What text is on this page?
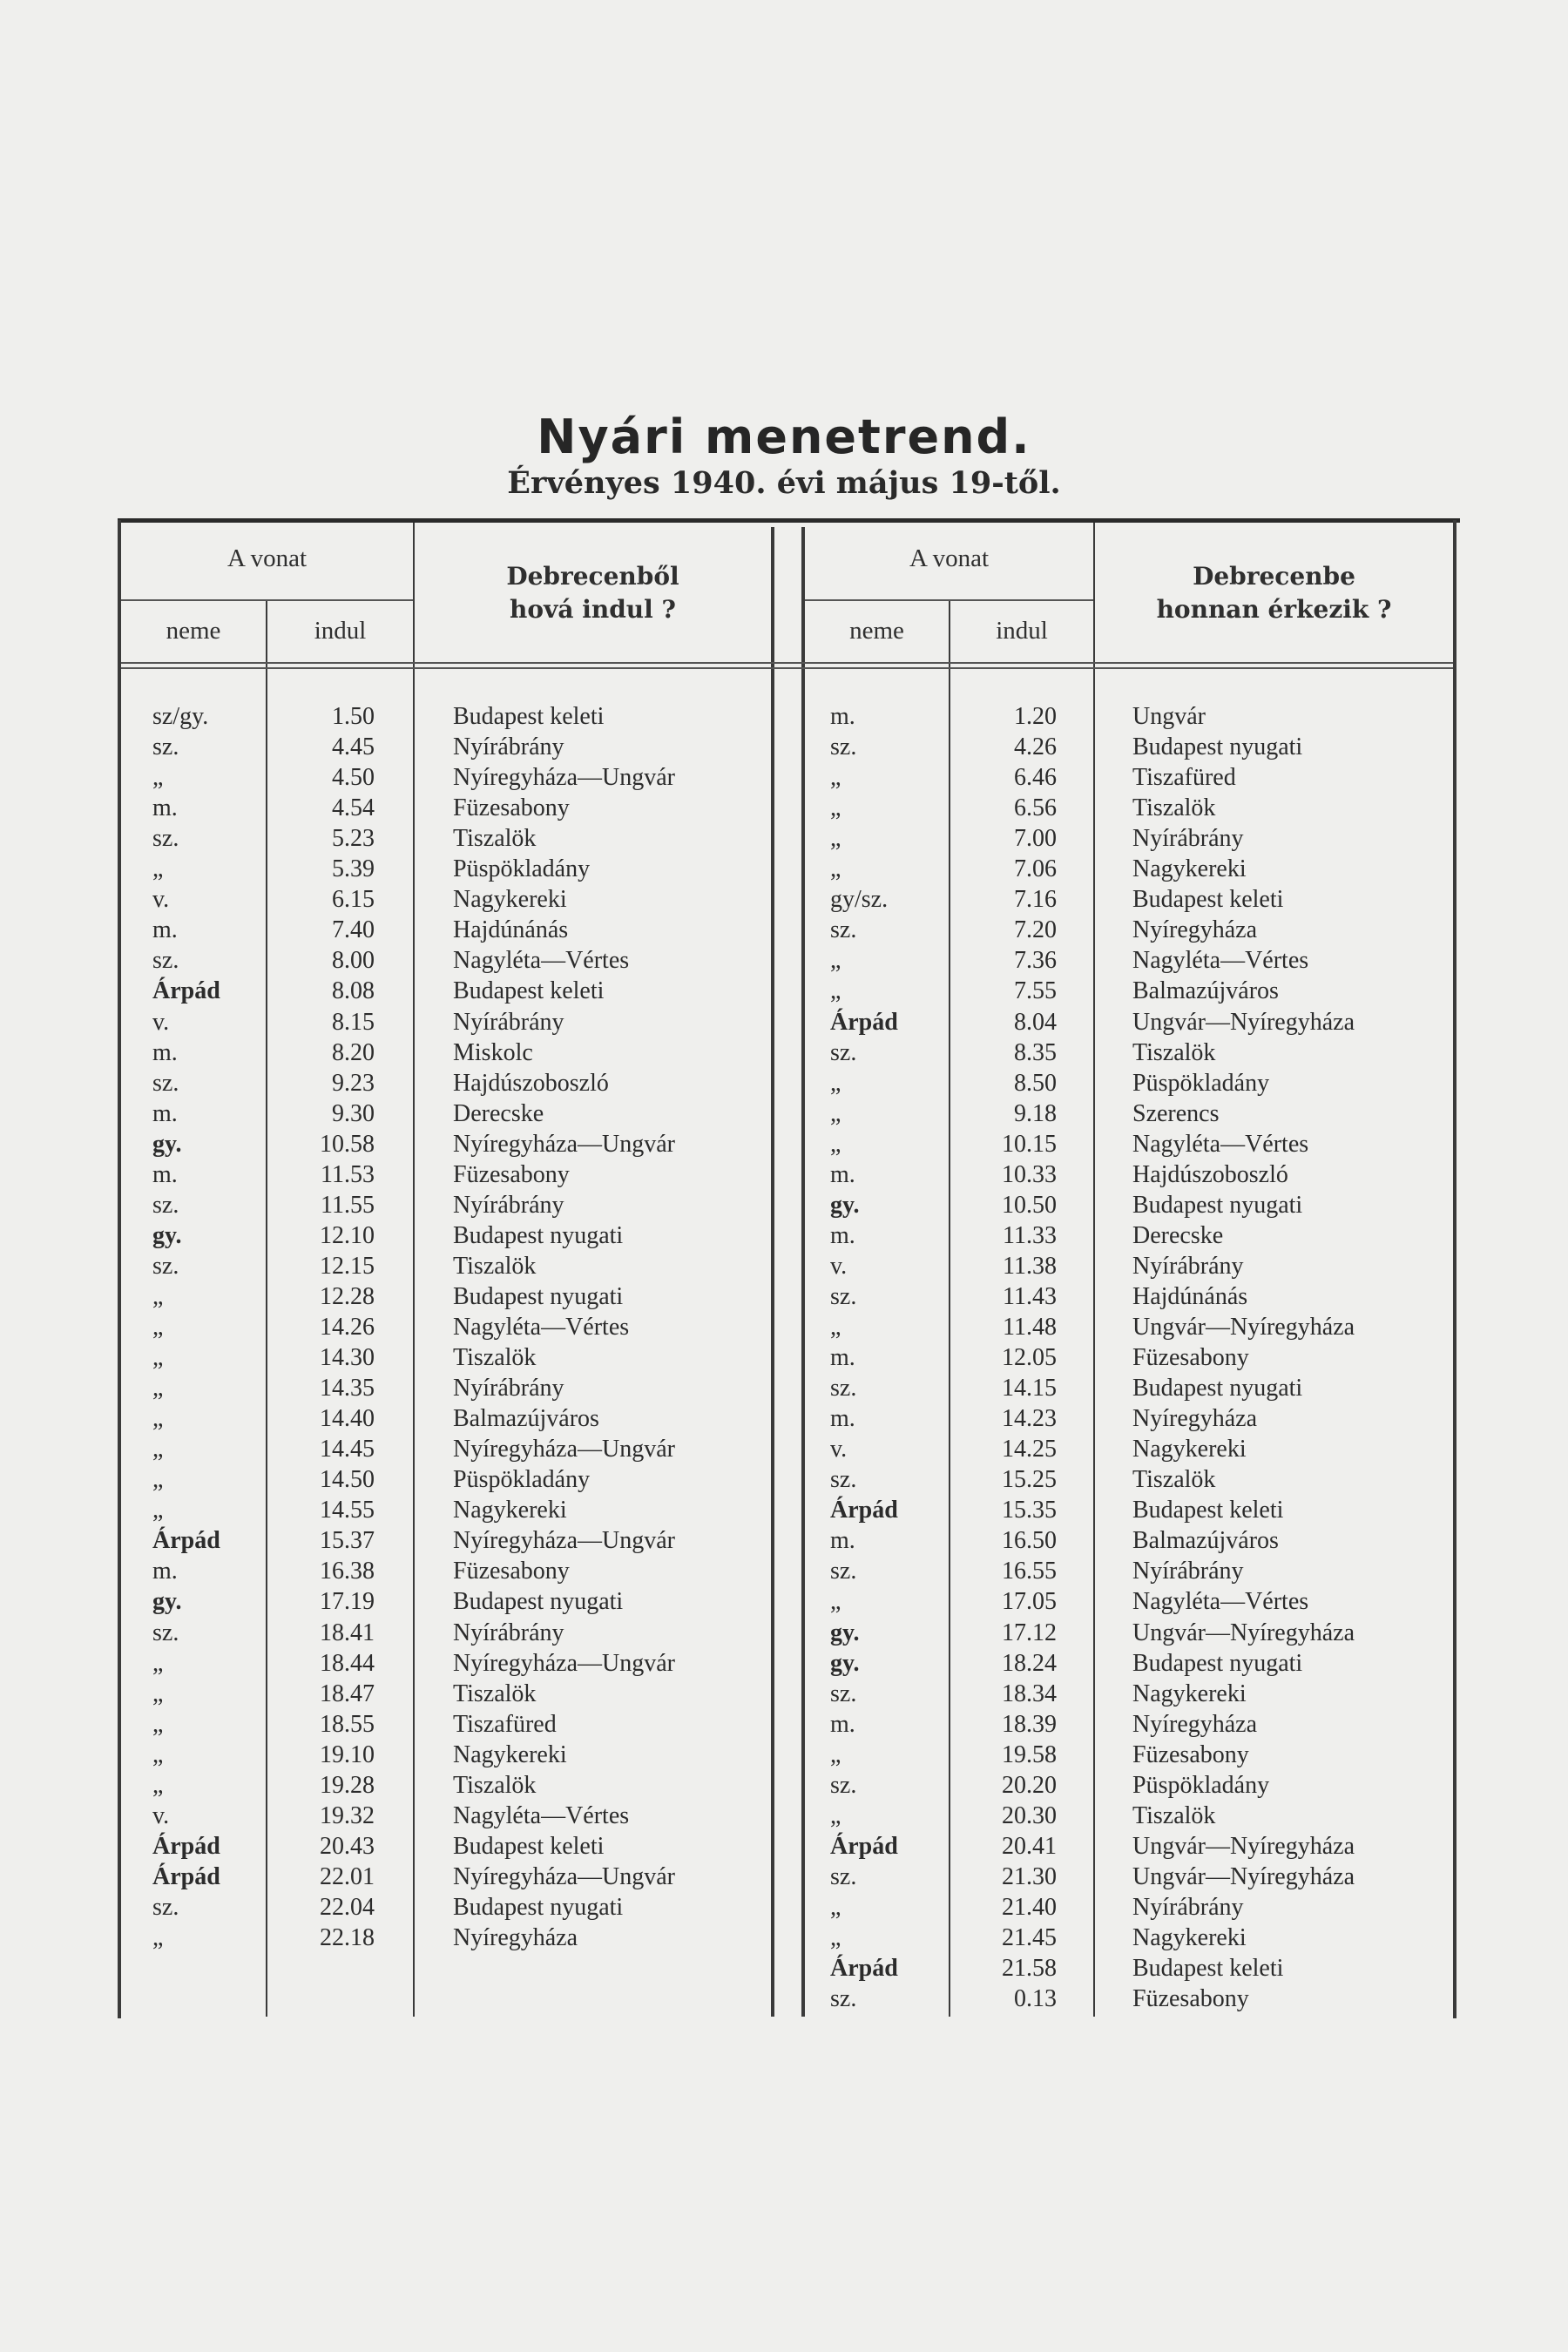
Nyári menetrend.
Érvényes 1940. évi május 19-től.
A vonat
neme	indul
Debrecenből
hová indul ?
A vonat
neme	indul
Debrecenbe
honnan érkezik ?
sz/gy.	1.50	Budapest keleti
sz.	4.45	Nyírábrány
„	4.50	Nyíregyháza—Ungvár
m.	4.54	Füzesabony
sz.	5.23	Tiszalök
„	5.39	Püspökladány
v.	6.15	Nagykereki
m.	7.40	Hajdúnánás
sz.	8.00	Nagyléta—Vértes
Árpád	8.08	Budapest keleti
v.	8.15	Nyírábrány
m.	8.20	Miskolc
sz.	9.23	Hajdúszoboszló
m.	9.30	Derecske
gy.	10.58	Nyíregyháza—Ungvár
m.	11.53	Füzesabony
sz.	11.55	Nyírábrány
gy.	12.10	Budapest nyugati
sz.	12.15	Tiszalök
„	12.28	Budapest nyugati
„	14.26	Nagyléta—Vértes
„	14.30	Tiszalök
„	14.35	Nyírábrány
„	14.40	Balmazújváros
„	14.45	Nyíregyháza—Ungvár
„	14.50	Püspökladány
„	14.55	Nagykereki
Árpád	15.37	Nyíregyháza—Ungvár
m.	16.38	Füzesabony
gy.	17.19	Budapest nyugati
sz.	18.41	Nyírábrány
„	18.44	Nyíregyháza—Ungvár
„	18.47	Tiszalök
„	18.55	Tiszafüred
„	19.10	Nagykereki
„	19.28	Tiszalök
v.	19.32	Nagyléta—Vértes
Árpád	20.43	Budapest keleti
Árpád	22.01	Nyíregyháza—Ungvár
sz.	22.04	Budapest nyugati
„	22.18	Nyíregyháza
m.	1.20	Ungvár
sz.	4.26	Budapest nyugati
„	6.46	Tiszafüred
„	6.56	Tiszalök
„	7.00	Nyírábrány
„	7.06	Nagykereki
gy/sz.	7.16	Budapest keleti
sz.	7.20	Nyíregyháza
„	7.36	Nagyléta—Vértes
„	7.55	Balmazújváros
Árpád	8.04	Ungvár—Nyíregyháza
sz.	8.35	Tiszalök
„	8.50	Püspökladány
„	9.18	Szerencs
„	10.15	Nagyléta—Vértes
m.	10.33	Hajdúszoboszló
gy.	10.50	Budapest nyugati
m.	11.33	Derecske
v.	11.38	Nyírábrány
sz.	11.43	Hajdúnánás
„	11.48	Ungvár—Nyíregyháza
m.	12.05	Füzesabony
sz.	14.15	Budapest nyugati
m.	14.23	Nyíregyháza
v.	14.25	Nagykereki
sz.	15.25	Tiszalök
Árpád	15.35	Budapest keleti
m.	16.50	Balmazújváros
sz.	16.55	Nyírábrány
„	17.05	Nagyléta—Vértes
gy.	17.12	Ungvár—Nyíregyháza
gy.	18.24	Budapest nyugati
sz.	18.34	Nagykereki
m.	18.39	Nyíregyháza
„	19.58	Füzesabony
sz.	20.20	Püspökladány
„	20.30	Tiszalök
Árpád	20.41	Ungvár—Nyíregyháza
sz.	21.30	Ungvár—Nyíregyháza
„	21.40	Nyírábrány
„	21.45	Nagykereki
Árpád	21.58	Budapest keleti
sz.	0.13	Füzesabony
